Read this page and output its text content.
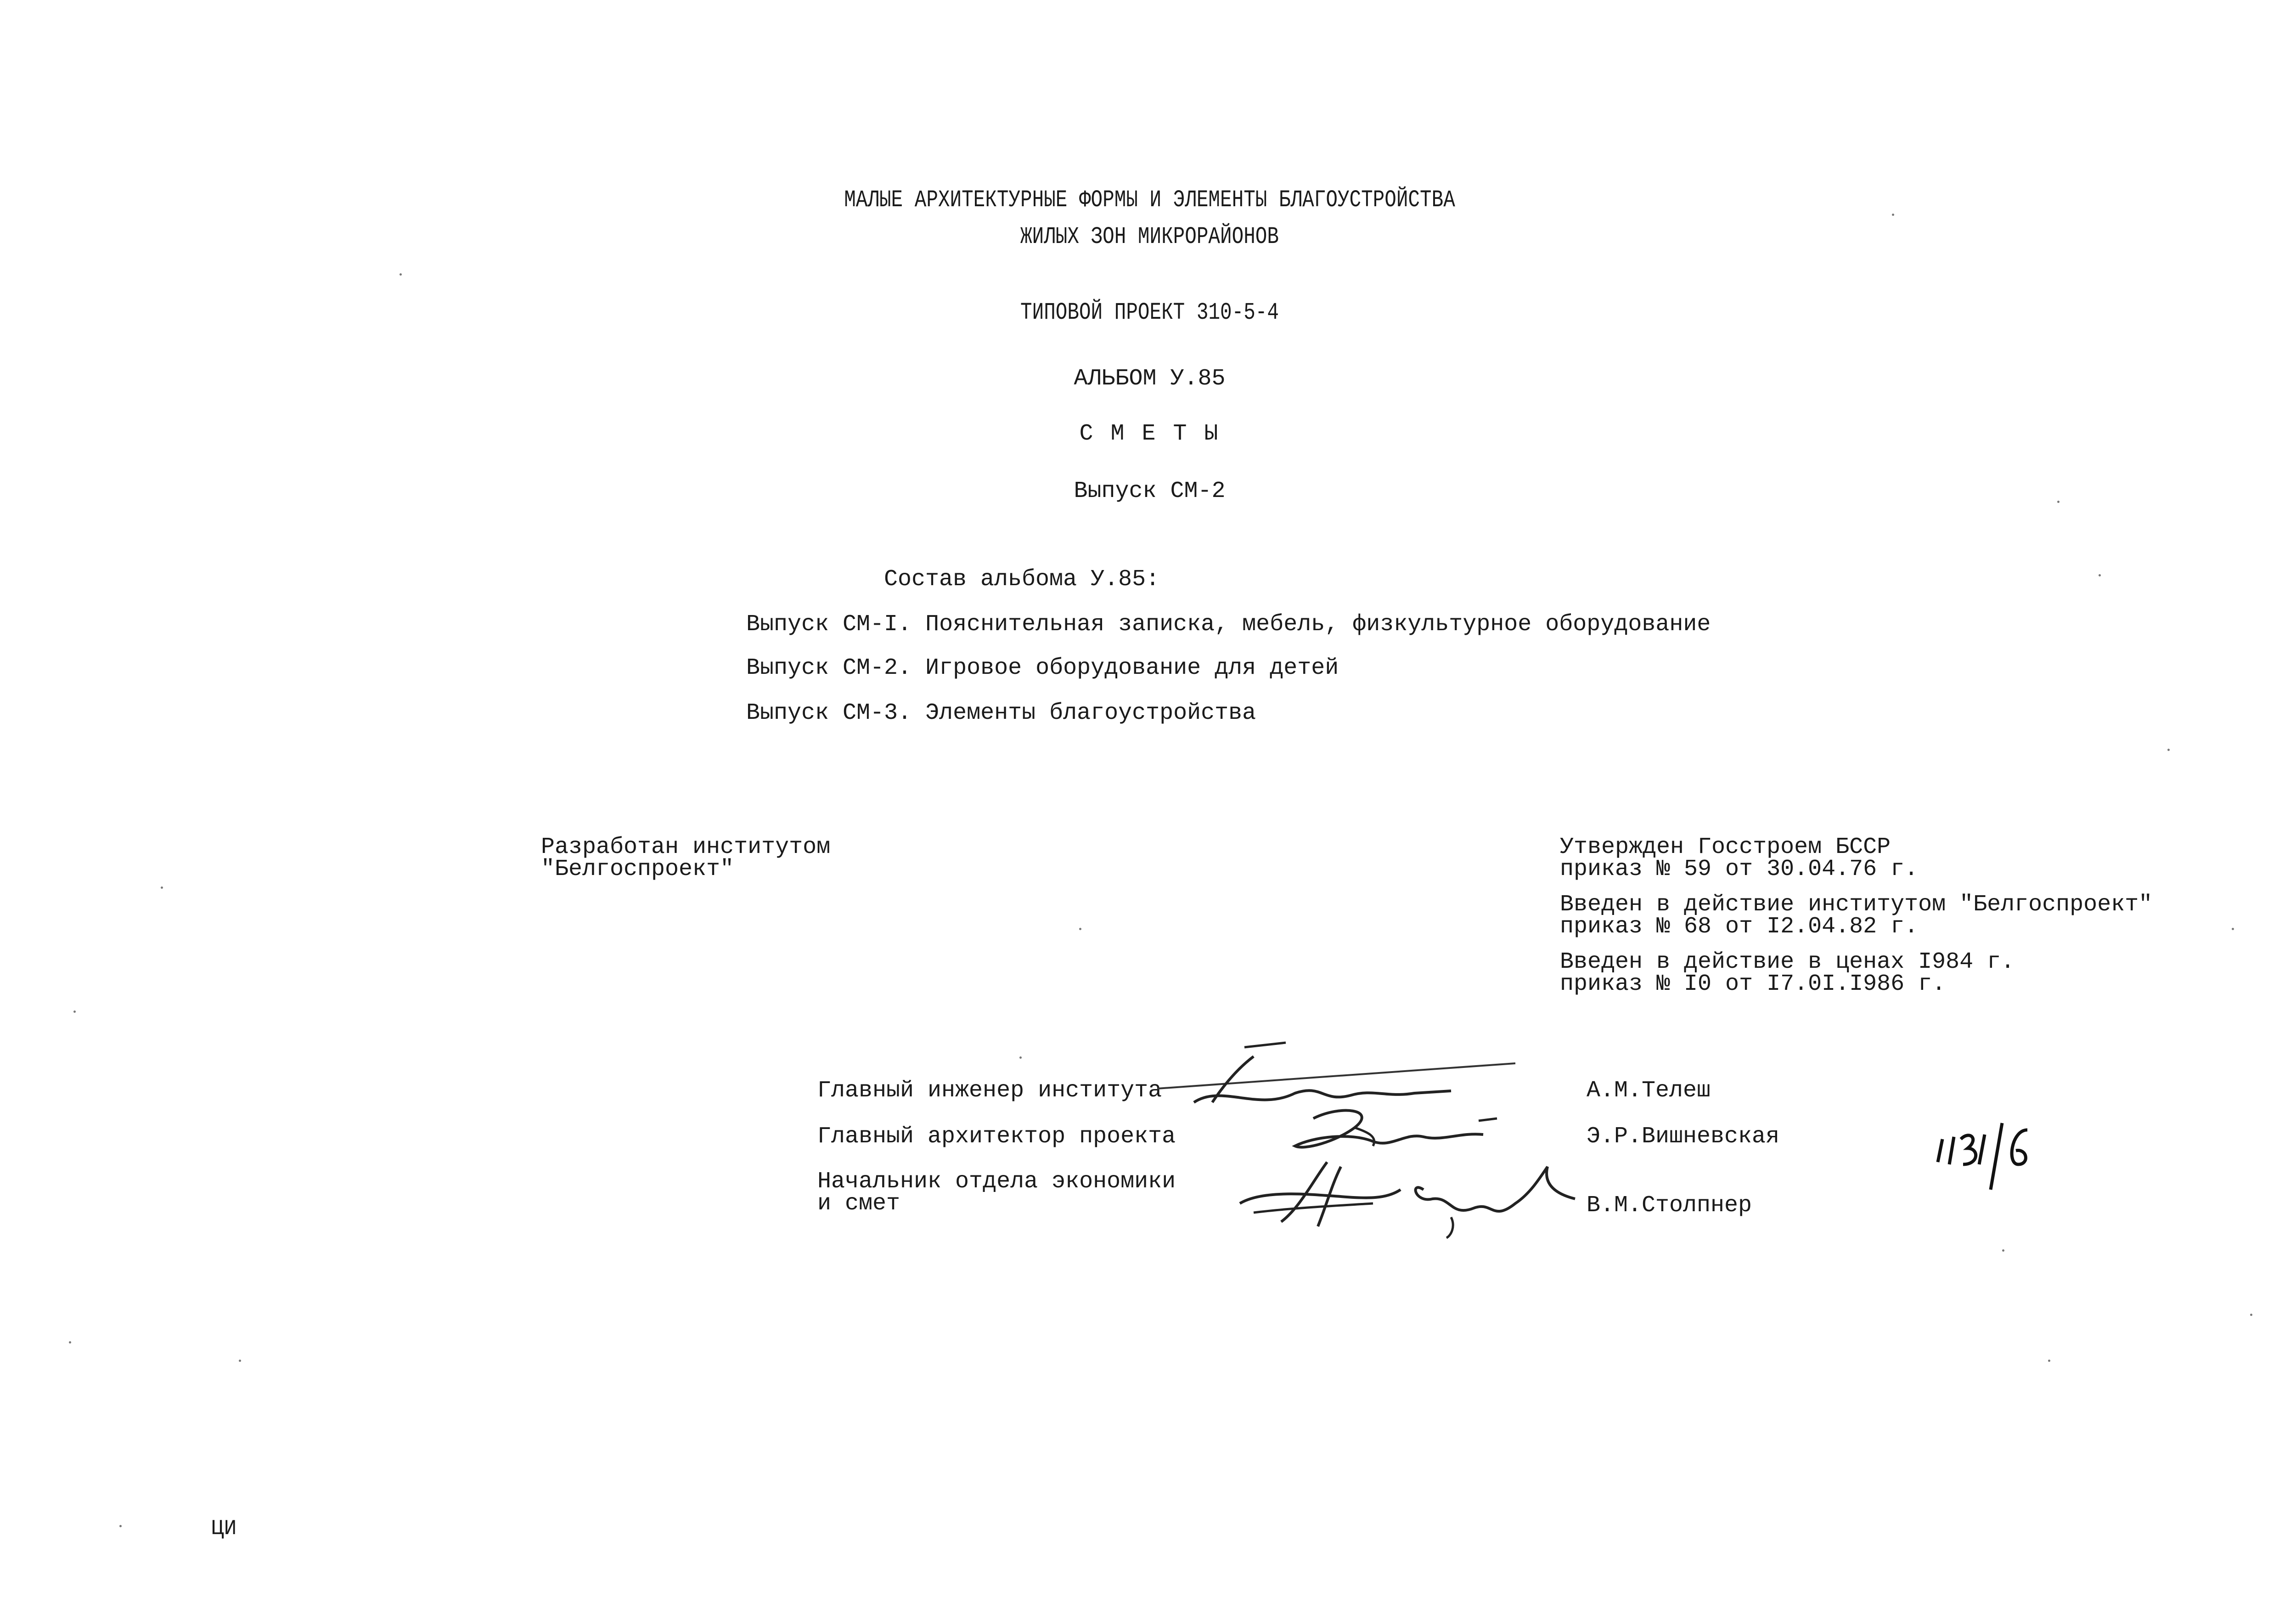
МАЛЫЕ АРХИТЕКТУРНЫЕ ФОРМЫ И ЭЛЕМЕНТЫ БЛАГОУСТРОЙСТВА
ЖИЛЫХ ЗОН МИКРОРАЙОНОВ
ТИПОВОЙ ПРОЕКТ 310-5-4
АЛЬБОМ У.85
С М Е Т Ы
Выпуск СМ-2
Состав альбома У.85:
Выпуск СМ-I. Пояснительная записка, мебель, физкультурное оборудование
Выпуск СМ-2. Игровое оборудование для детей
Выпуск СМ-3. Элементы благоустройства
Разработан институтом
"Белгоспроект"
Утвержден Госстроем БССР
приказ № 59 от 30.04.76 г.
Введен в действие институтом "Белгоспроект"
приказ № 68 от I2.04.82 г.
Введен в действие в ценах I984 г.
приказ № I0 от I7.0I.I986 г.
Главный инженер института	А.М.Телеш
Главный архитектор проекта	Э.Р.Вишневская
Начальник отдела экономики
и смет	В.М.Столпнер
ЦИ
